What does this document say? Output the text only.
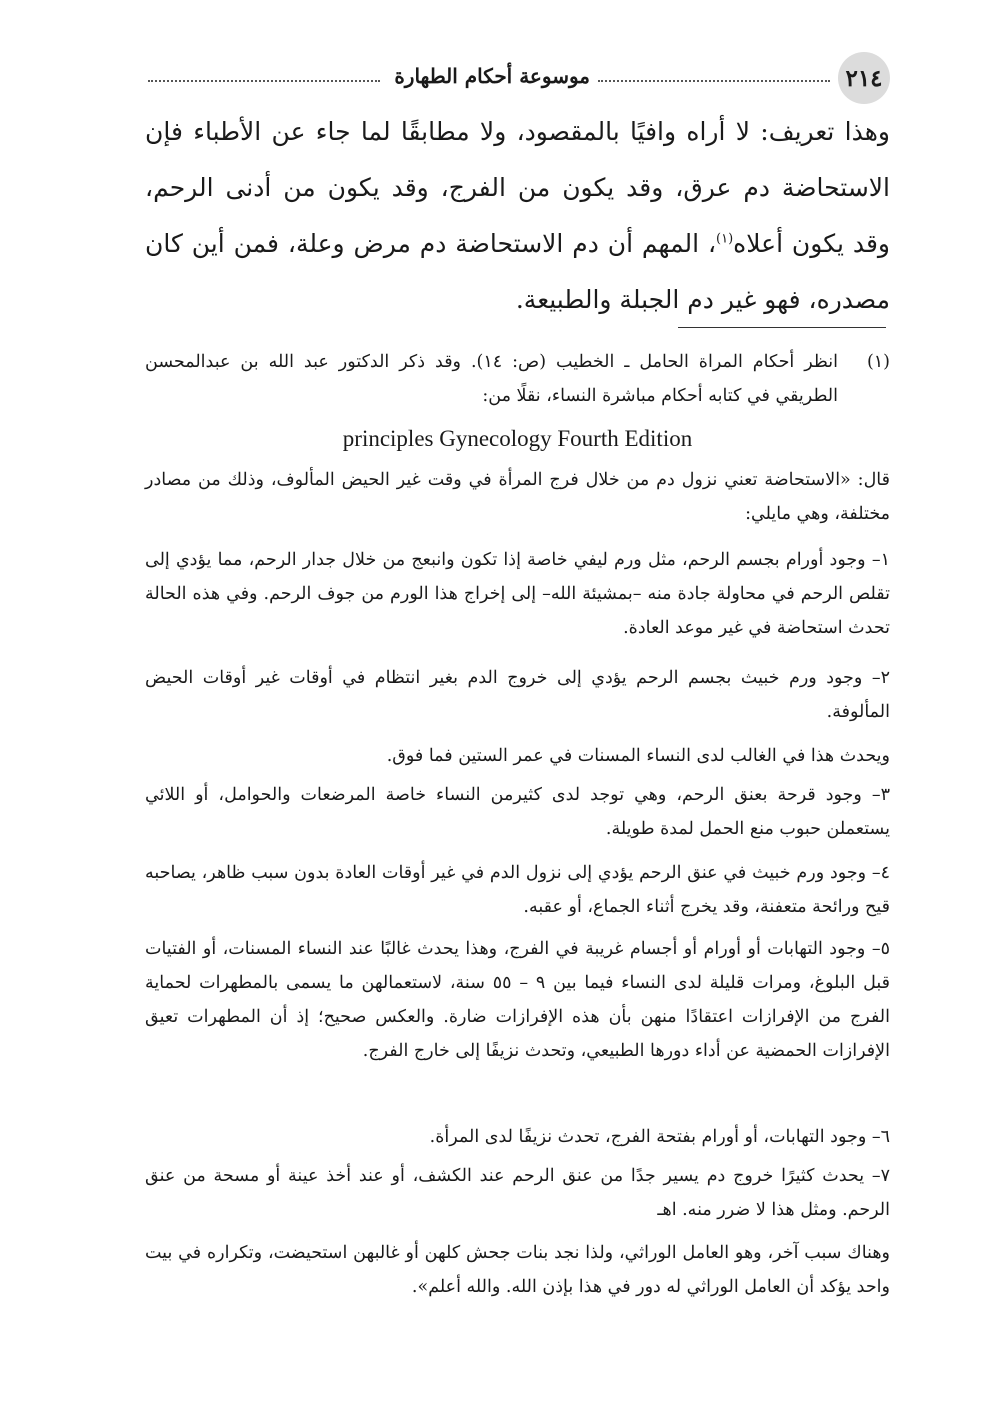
٢١٤
موسوعة أحكام الطهارة
وهذا تعريف: لا أراه وافيًا بالمقصود، ولا مطابقًا لما جاء عن الأطباء فإن الاستحاضة دم عرق، وقد يكون من الفرج، وقد يكون من أدنى الرحم، وقد يكون أعلاه$^{(١)}$، المهم أن دم الاستحاضة دم مرض وعلة، فمن أين كان مصدره، فهو غير دم الجبلة والطبيعة.
(١)
انظر أحكام المراة الحامل ـ الخطيب (ص: ١٤). وقد ذكر الدكتور عبد الله بن عبدالمحسن الطريقي في كتابه أحكام مباشرة النساء، نقلًا من:
principles Gynecology Fourth Edition
قال: «الاستحاضة تعني نزول دم من خلال فرج المرأة في وقت غير الحيض المألوف، وذلك من مصادر مختلفة، وهي مايلي:
١– وجود أورام بجسم الرحم، مثل ورم ليفي خاصة إذا تكون وانبعج من خلال جدار الرحم، مما يؤدي إلى تقلص الرحم في محاولة جادة منه –بمشيئة الله– إلى إخراج هذا الورم من جوف الرحم. وفي هذه الحالة تحدث استحاضة في غير موعد العادة.
٢– وجود ورم خبيث بجسم الرحم يؤدي إلى خروج الدم بغير انتظام في أوقات غير أوقات الحيض المألوفة.
ويحدث هذا في الغالب لدى النساء المسنات في عمر الستين فما فوق.
٣– وجود قرحة بعنق الرحم، وهي توجد لدى كثيرمن النساء خاصة المرضعات والحوامل، أو اللائي يستعملن حبوب منع الحمل لمدة طويلة.
٤– وجود ورم خبيث في عنق الرحم يؤدي إلى نزول الدم في غير أوقات العادة بدون سبب ظاهر، يصاحبه قيح ورائحة متعفنة، وقد يخرج أثناء الجماع، أو عقبه.
٥– وجود التهابات أو أورام أو أجسام غريبة في الفرج، وهذا يحدث غالبًا عند النساء المسنات، أو الفتيات قبل البلوغ، ومرات قليلة لدى النساء فيما بين ٩ – ٥٥ سنة، لاستعمالهن ما يسمى بالمطهرات لحماية الفرج من الإفرازات اعتقادًا منهن بأن هذه الإفرازات ضارة. والعكس صحيح؛ إذ أن المطهرات تعيق الإفرازات الحمضية عن أداء دورها الطبيعي، وتحدث نزيفًا إلى خارج الفرج.
٦– وجود التهابات، أو أورام بفتحة الفرج، تحدث نزيفًا لدى المرأة.
٧– يحدث كثيرًا خروج دم يسير جدًا من عنق الرحم عند الكشف، أو عند أخذ عينة أو مسحة من عنق الرحم. ومثل هذا لا ضرر منه. اهـ
وهناك سبب آخر، وهو العامل الوراثي، ولذا نجد بنات جحش كلهن أو غالبهن استحيضت، وتكراره في بيت واحد يؤكد أن العامل الوراثي له دور في هذا بإذن الله. والله أعلم».
